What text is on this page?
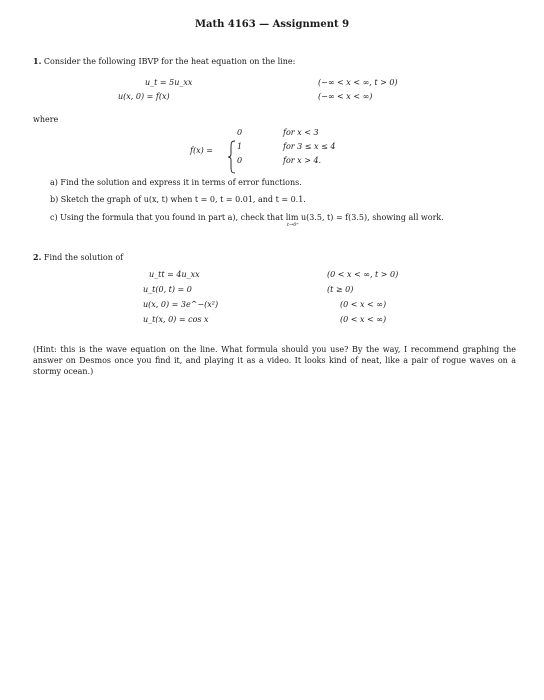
Math 4163 — Assignment 9
1. Consider the following IBVP for the heat equation on the line:
u_t = 5u_xx	(−∞ < x < ∞, t > 0)
u(x, 0) = f(x)	(−∞ < x < ∞)
where
f(x) =
0	for x < 3
1	for 3 ≤ x ≤ 4
0	for x > 4.
a) Find the solution and express it in terms of error functions.
b) Sketch the graph of u(x, t) when t = 0, t = 0.01, and t = 0.1.
c) Using the formula that you found in part a), check that lim u(3.5, t) = f(3.5), showing all work.
t→0⁺
2. Find the solution of
u_tt = 4u_xx	(0 < x < ∞, t > 0)
u_t(0, t) = 0	(t ≥ 0)
u(x, 0) = 3e^−(x²)	(0 < x < ∞)
u_t(x, 0) = cos x	(0 < x < ∞)
(Hint: this is the wave equation on the line. What formula should you use? By the way, I recommend graphing the answer on Desmos once you find it, and playing it as a video. It looks kind of neat, like a pair of rogue waves on a stormy ocean.)
